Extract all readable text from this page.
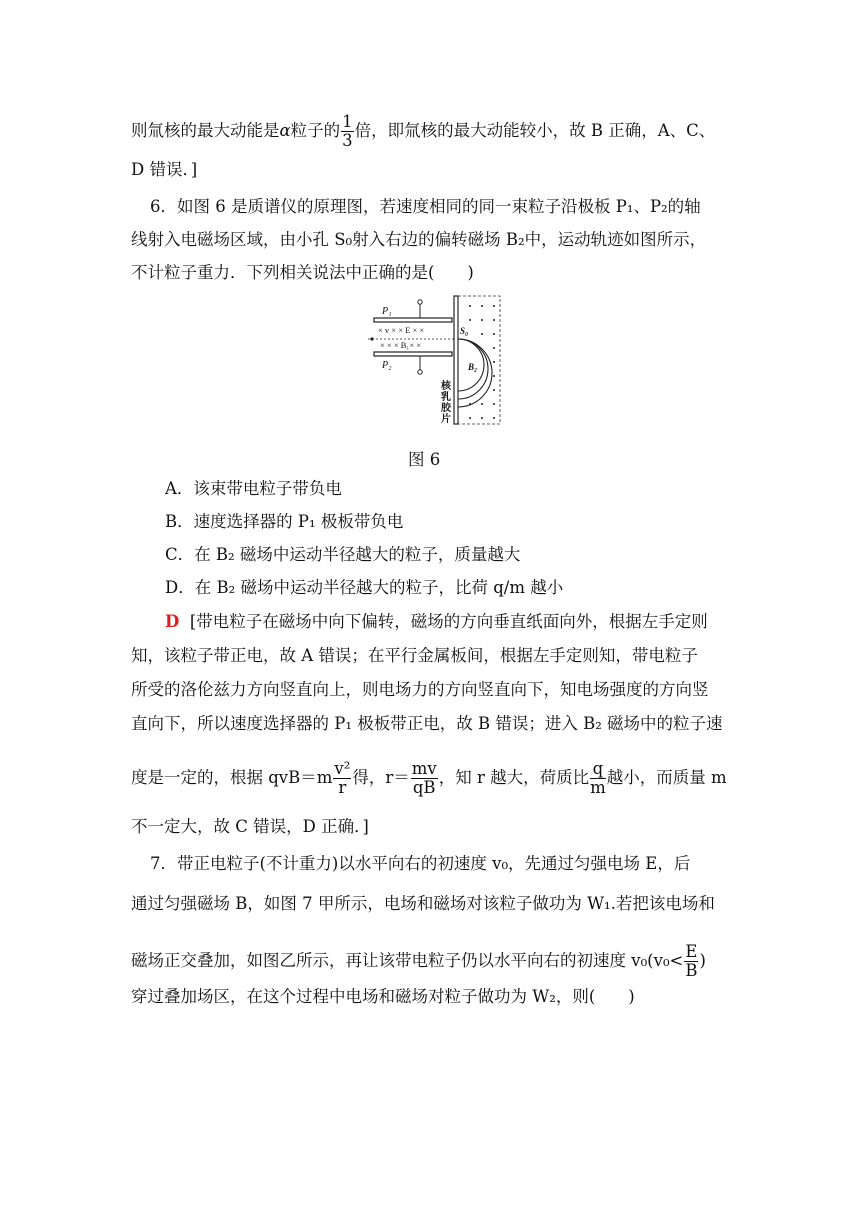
则氚核的最大动能是α粒子的 $\frac{1}{3}$ 倍，即氚核的最大动能较小，故 B 正确，A、C、
D 错误．]
6．如图 6 是质谱仪的原理图，若速度相同的同一束粒子沿极板 P₁、P₂的轴
线射入电磁场区域，由小孔 S₀射入右边的偏转磁场 B₂中，运动轨迹如图所示，
不计粒子重力．下列相关说法中正确的是(　　)
P₁
P₂
× v × × E × ×
× × × B₁× ×
S₀
B₂
核
乳
胶
片
图 6
A．该束带电粒子带负电
B．速度选择器的 P₁ 极板带负电
C．在 B₂ 磁场中运动半径越大的粒子，质量越大
D．在 B₂ 磁场中运动半径越大的粒子，比荷 q/m 越小
D [带电粒子在磁场中向下偏转，磁场的方向垂直纸面向外，根据左手定则
知，该粒子带正电，故 A 错误；在平行金属板间，根据左手定则知，带电粒子
所受的洛伦兹力方向竖直向上，则电场力的方向竖直向下，知电场强度的方向竖
直向下，所以速度选择器的 P₁ 极板带正电，故 B 错误；进入 B₂ 磁场中的粒子速
度是一定的，根据 $qvB=m \frac{\text{v²}}{r}$ 得，$r= \frac{mv}{qB}$ ，知 r 越大，荷质比 $\frac{q}{m}$ 越小，而质量 m
不一定大，故 C 错误，D 正确．]
7．带正电粒子(不计重力)以水平向右的初速度 v₀，先通过匀强电场 E，后
通过匀强磁场 B，如图 7 甲所示，电场和磁场对该粒子做功为 W₁.若把该电场和
磁场正交叠加，如图乙所示，再让该带电粒子仍以水平向右的初速度 $v_0(v_0< \frac{E}{B}$ )
穿过叠加场区，在这个过程中电场和磁场对粒子做功为 W₂，则(　　)
